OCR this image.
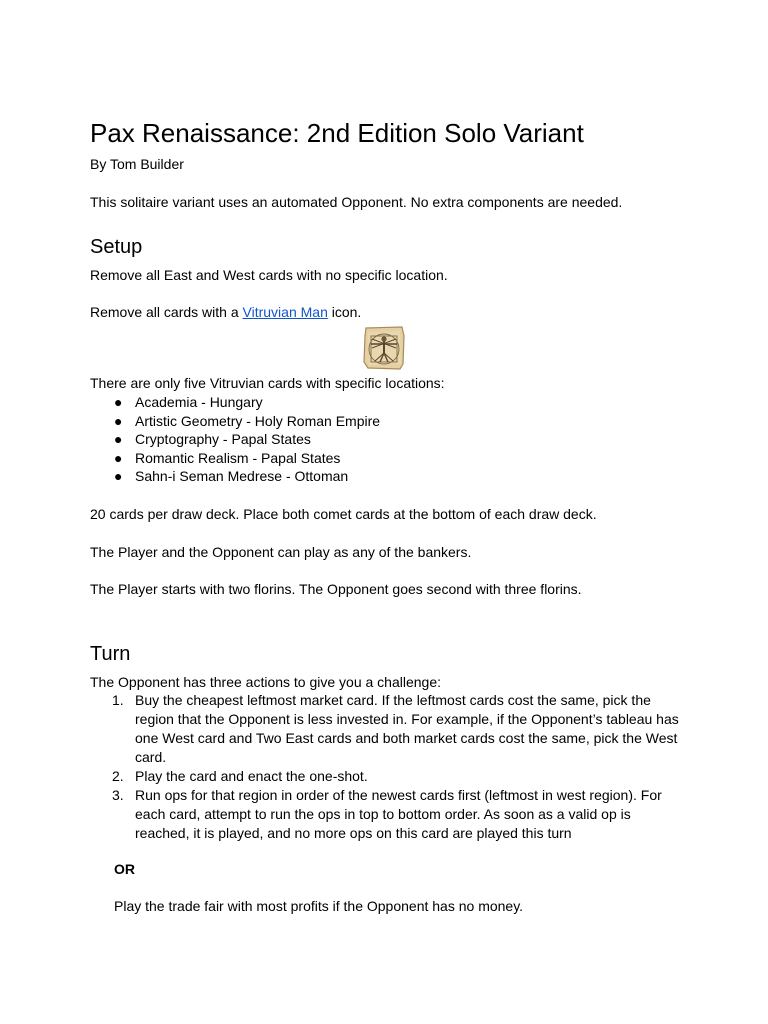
Pax Renaissance: 2nd Edition Solo Variant

By Tom Builder

This solitaire variant uses an automated Opponent. No extra components are needed.

Setup

Remove all East and West cards with no specific location.

Remove all cards with a Vitruvian Man icon.

There are only five Vitruvian cards with specific locations:

● Academia - Hungary
● Artistic Geometry - Holy Roman Empire
● Cryptography - Papal States
● Romantic Realism - Papal States
● Sahn-i Seman Medrese - Ottoman

20 cards per draw deck. Place both comet cards at the bottom of each draw deck.

The Player and the Opponent can play as any of the bankers.

The Player starts with two florins. The Opponent goes second with three florins.

Turn

The Opponent has three actions to give you a challenge:

1. Buy the cheapest leftmost market card. If the leftmost cards cost the same, pick the region that the Opponent is less invested in. For example, if the Opponent’s tableau has one West card and Two East cards and both market cards cost the same, pick the West card.
2. Play the card and enact the one-shot.
3. Run ops for that region in order of the newest cards first (leftmost in west region). For each card, attempt to run the ops in top to bottom order. As soon as a valid op is reached, it is played, and no more ops on this card are played this turn

OR

Play the trade fair with most profits if the Opponent has no money.
